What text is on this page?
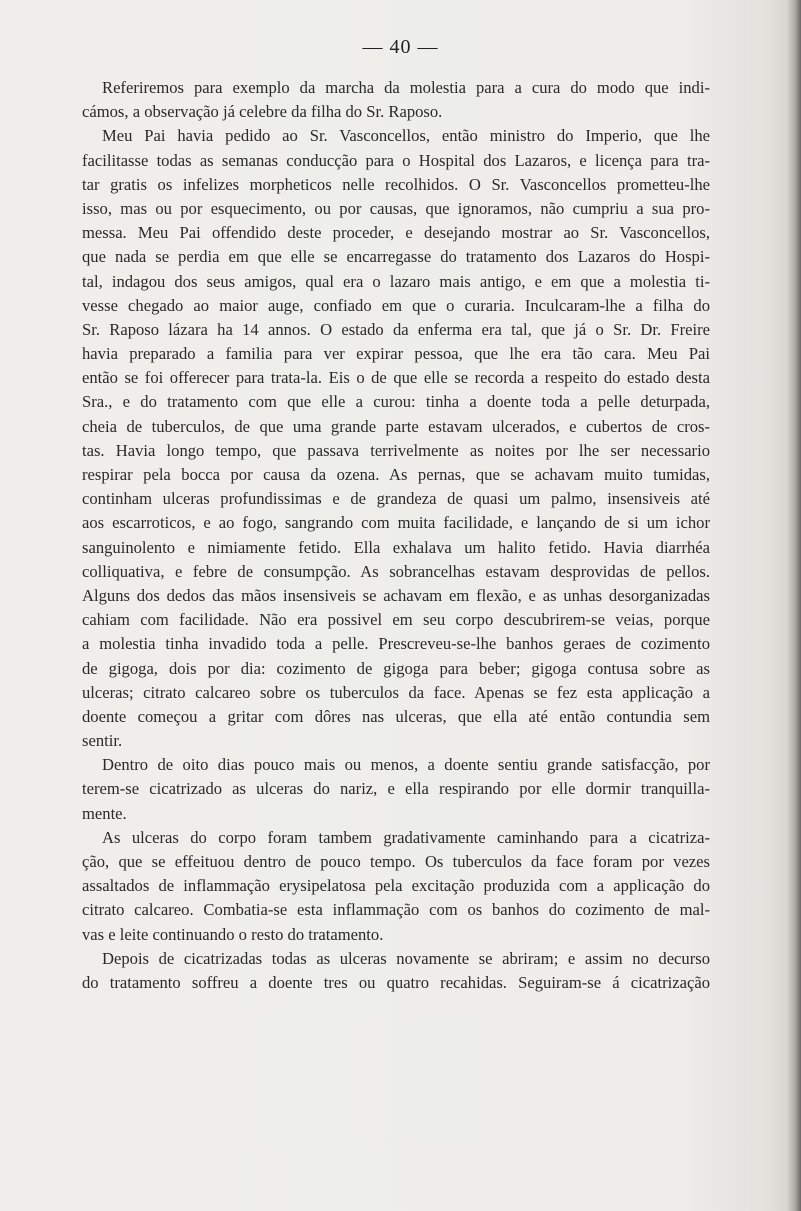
— 40 —
Referiremos para exemplo da marcha da molestia para a cura do modo que indi-
cámos, a observação já celebre da filha do Sr. Raposo.
Meu Pai havia pedido ao Sr. Vasconcellos, então ministro do Imperio, que lhe
facilitasse todas as semanas conducção para o Hospital dos Lazaros, e licença para tra-
tar gratis os infelizes morpheticos nelle recolhidos. O Sr. Vasconcellos prometteu-lhe
isso, mas ou por esquecimento, ou por causas, que ignoramos, não cumpriu a sua pro-
messa. Meu Pai offendido deste proceder, e desejando mostrar ao Sr. Vasconcellos,
que nada se perdia em que elle se encarregasse do tratamento dos Lazaros do Hospi-
tal, indagou dos seus amigos, qual era o lazaro mais antigo, e em que a molestia ti-
vesse chegado ao maior auge, confiado em que o curaria. Inculcaram-lhe a filha do
Sr. Raposo lázara ha 14 annos. O estado da enferma era tal, que já o Sr. Dr. Freire
havia preparado a familia para ver expirar pessoa, que lhe era tão cara. Meu Pai
então se foi offerecer para trata-la. Eis o de que elle se recorda a respeito do estado desta
Sra., e do tratamento com que elle a curou: tinha a doente toda a pelle deturpada,
cheia de tuberculos, de que uma grande parte estavam ulcerados, e cubertos de cros-
tas. Havia longo tempo, que passava terrivelmente as noites por lhe ser necessario
respirar pela bocca por causa da ozena. As pernas, que se achavam muito tumidas,
continham ulceras profundissimas e de grandeza de quasi um palmo, insensiveis até
aos escarroticos, e ao fogo, sangrando com muita facilidade, e lançando de si um ichor
sanguinolento e nimiamente fetido. Ella exhalava um halito fetido. Havia diarrhéa
colliquativa, e febre de consumpção. As sobrancelhas estavam desprovidas de pellos.
Alguns dos dedos das mãos insensiveis se achavam em flexão, e as unhas desorganizadas
cahiam com facilidade. Não era possivel em seu corpo descubrirem-se veias, porque
a molestia tinha invadido toda a pelle. Prescreveu-se-lhe banhos geraes de cozimento
de gigoga, dois por dia: cozimento de gigoga para beber; gigoga contusa sobre as
ulceras; citrato calcareo sobre os tuberculos da face. Apenas se fez esta applicação a
doente começou a gritar com dôres nas ulceras, que ella até então contundia sem
sentir.
Dentro de oito dias pouco mais ou menos, a doente sentiu grande satisfacção, por
terem-se cicatrizado as ulceras do nariz, e ella respirando por elle dormir tranquilla-
mente.
As ulceras do corpo foram tambem gradativamente caminhando para a cicatriza-
ção, que se effeituou dentro de pouco tempo. Os tuberculos da face foram por vezes
assaltados de inflammação erysipelatosa pela excitação produzida com a applicação do
citrato calcareo. Combatia-se esta inflammação com os banhos do cozimento de mal-
vas e leite continuando o resto do tratamento.
Depois de cicatrizadas todas as ulceras novamente se abriram; e assim no decurso
do tratamento soffreu a doente tres ou quatro recahidas. Seguiram-se á cicatrização
